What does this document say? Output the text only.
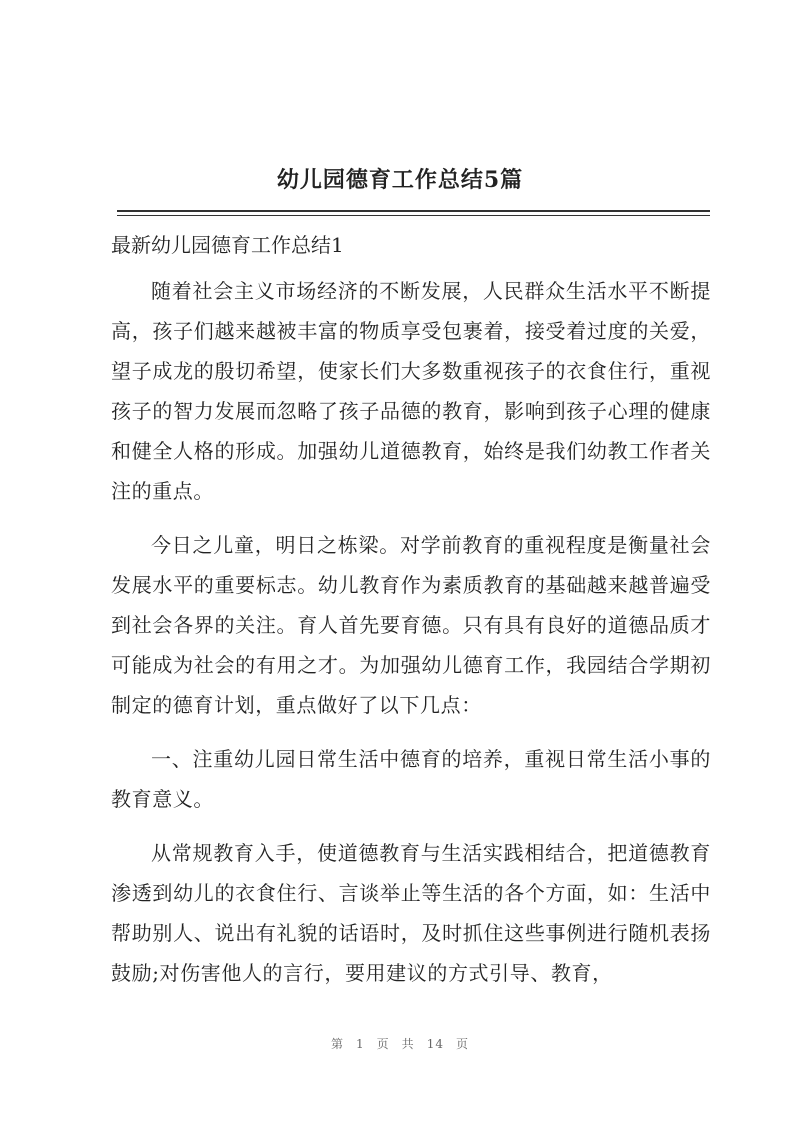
幼儿园德育工作总结5篇
最新幼儿园德育工作总结1

随着社会主义市场经济的不断发展，人民群众生活水平不断提高，孩子们越来越被丰富的物质享受包裹着，接受着过度的关爱，望子成龙的殷切希望，使家长们大多数重视孩子的衣食住行，重视孩子的智力发展而忽略了孩子品德的教育，影响到孩子心理的健康和健全人格的形成。加强幼儿道德教育，始终是我们幼教工作者关注的重点。

今日之儿童，明日之栋梁。对学前教育的重视程度是衡量社会发展水平的重要标志。幼儿教育作为素质教育的基础越来越普遍受到社会各界的关注。育人首先要育德。只有具有良好的道德品质才可能成为社会的有用之才。为加强幼儿德育工作，我园结合学期初制定的德育计划，重点做好了以下几点：

一、注重幼儿园日常生活中德育的培养，重视日常生活小事的教育意义。

从常规教育入手，使道德教育与生活实践相结合，把道德教育渗透到幼儿的衣食住行、言谈举止等生活的各个方面，如：生活中帮助别人、说出有礼貌的话语时，及时抓住这些事例进行随机表扬鼓励;对伤害他人的言行，要用建议的方式引导、教育，

第 1 页 共 14 页
